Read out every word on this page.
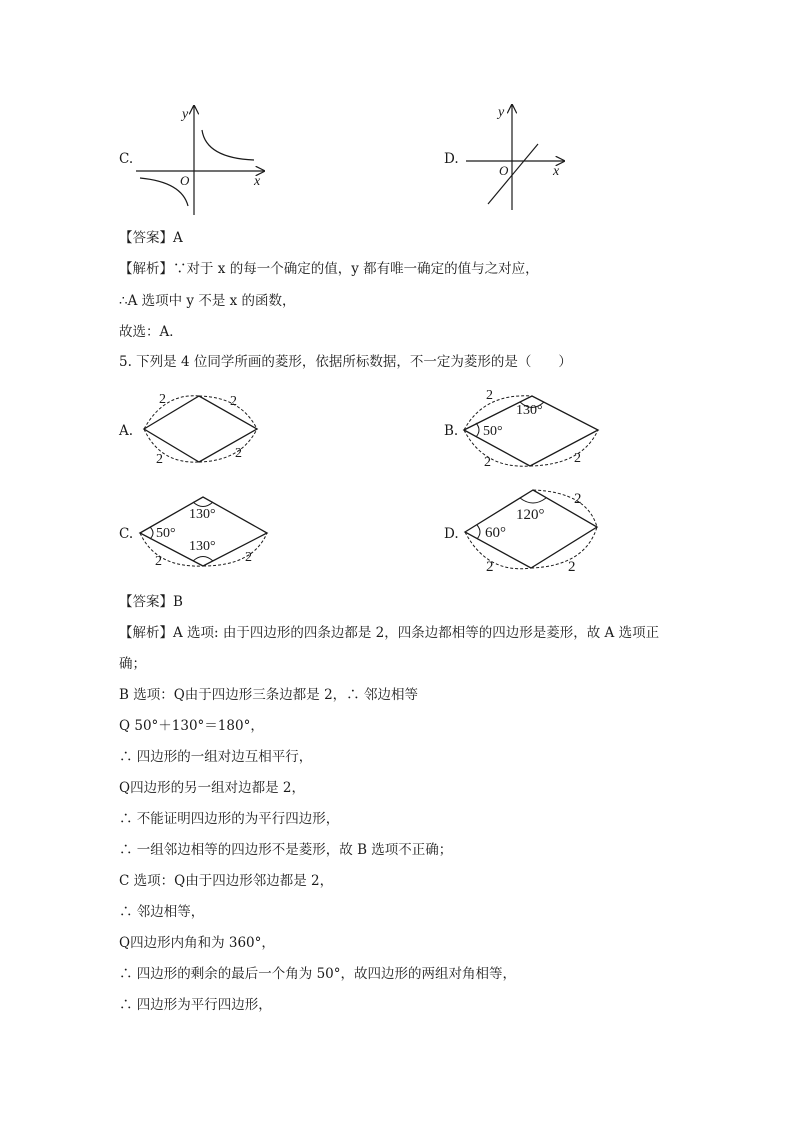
C.
x
y
O
D.
x
y
O
【答案】A
【解析】∵对于 x 的每一个确定的值，y 都有唯一确定的值与之对应，
∴A 选项中 y 不是 x 的函数，
故选：A．
5. 下列是 4 位同学所画的菱形，依据所标数据，不一定为菱形的是（　　）
A.
2	2
2	2
B.
2
2	2
130°
50°
C.
2	2
130°
50°
130°
D.
2
2	2
120°
60°
【答案】B
【解析】A 选项: 由于四边形的四条边都是 2，四条边都相等的四边形是菱形，故 A 选项正
确；
B 选项：Q由于四边形三条边都是 2，∴ 邻边相等
Q 50°＋130°＝180°，
∴ 四边形的一组对边互相平行，
Q四边形的另一组对边都是 2，
∴ 不能证明四边形的为平行四边形，
∴ 一组邻边相等的四边形不是菱形，故 B 选项不正确；
C 选项：Q由于四边形邻边都是 2，
∴ 邻边相等，
Q四边形内角和为 360°，
∴ 四边形的剩余的最后一个角为 50°，故四边形的两组对角相等，
∴ 四边形为平行四边形，
